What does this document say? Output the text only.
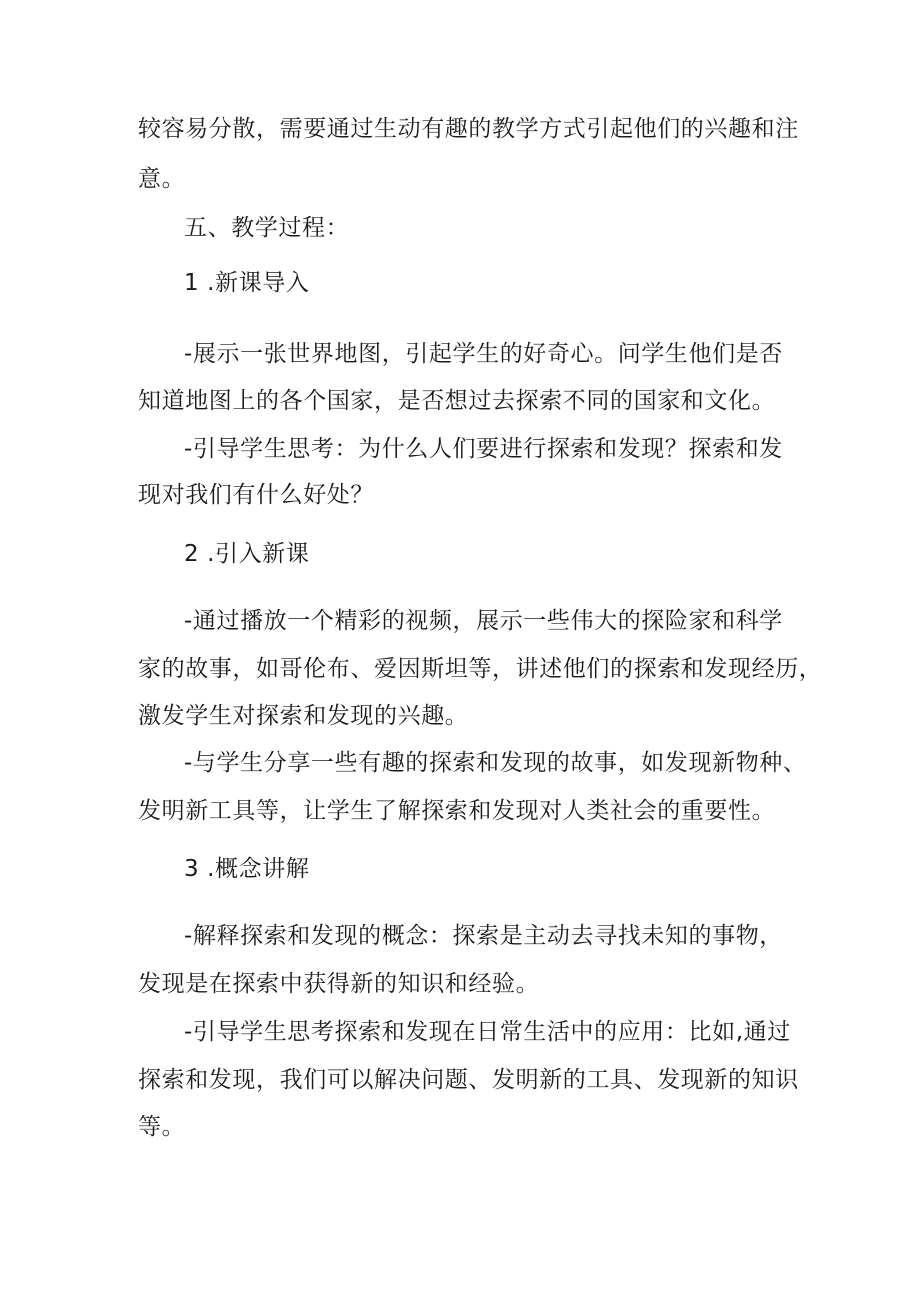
较容易分散，需要通过生动有趣的教学方式引起他们的兴趣和注
意。
五、教学过程：
1 .新课导入
-展示一张世界地图，引起学生的好奇心。问学生他们是否
知道地图上的各个国家，是否想过去探索不同的国家和文化。
-引导学生思考：为什么人们要进行探索和发现？探索和发
现对我们有什么好处？
2 .引入新课
-通过播放一个精彩的视频，展示一些伟大的探险家和科学
家的故事，如哥伦布、爱因斯坦等，讲述他们的探索和发现经历，
激发学生对探索和发现的兴趣。
-与学生分享一些有趣的探索和发现的故事，如发现新物种、
发明新工具等，让学生了解探索和发现对人类社会的重要性。
3 .概念讲解
-解释探索和发现的概念：探索是主动去寻找未知的事物，
发现是在探索中获得新的知识和经验。
-引导学生思考探索和发现在日常生活中的应用：比如,通过
探索和发现，我们可以解决问题、发明新的工具、发现新的知识
等。
